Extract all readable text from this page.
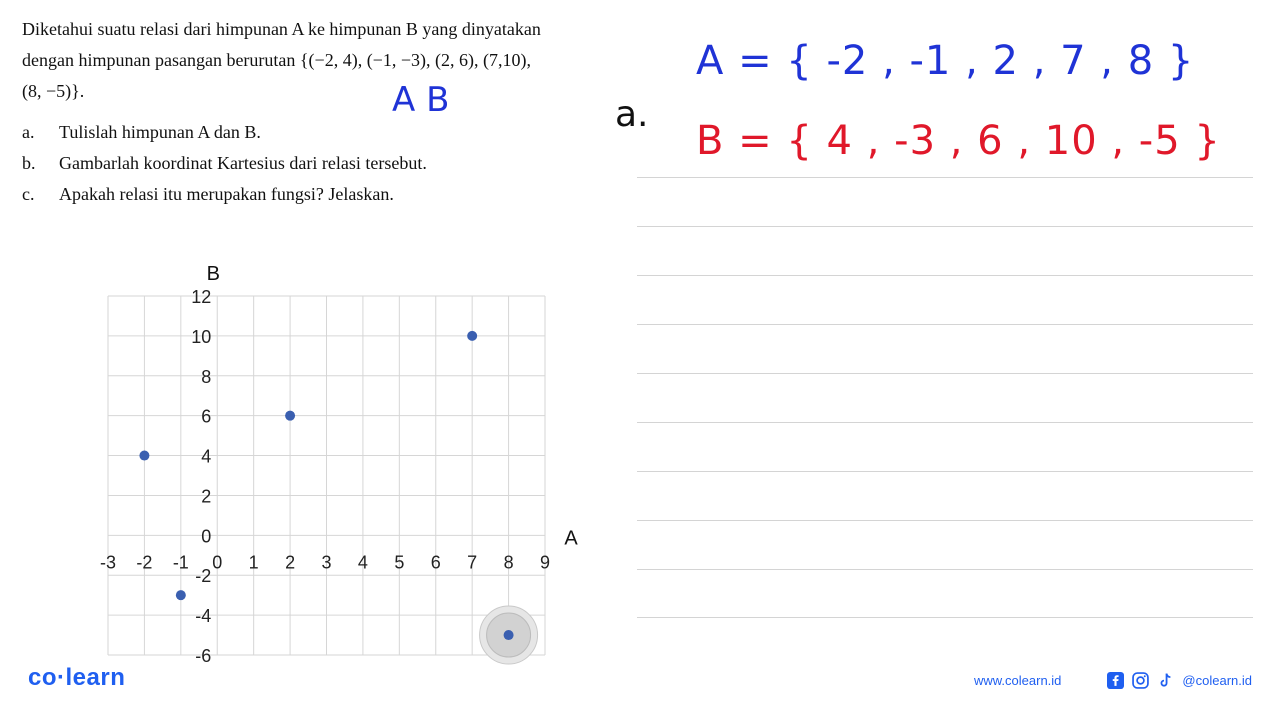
Diketahui suatu relasi dari himpunan A ke himpunan B yang dinyatakan

dengan himpunan pasangan berurutan {(−2, 4), (−1, −3), (2, 6), (7,10),

(8, −5)}.

a.	Tulislah himpunan A dan B.
b.	Gambarlah koordinat Kartesius dari relasi tersebut.
c.	Apakah relasi itu merupakan fungsi? Jelaskan.
A B	a.
A = { -2 , -1 , 2 , 7 , 8 }
B = { 4 , -3 , 6 , 10 , -5 }
-6
-4
-2
0
2
4
6
8
10
12
-3 -2 -1 0 1 2 3 4 5 6 7 8 9
B
A
co·learn	www.colearn.id	@colearn.id
